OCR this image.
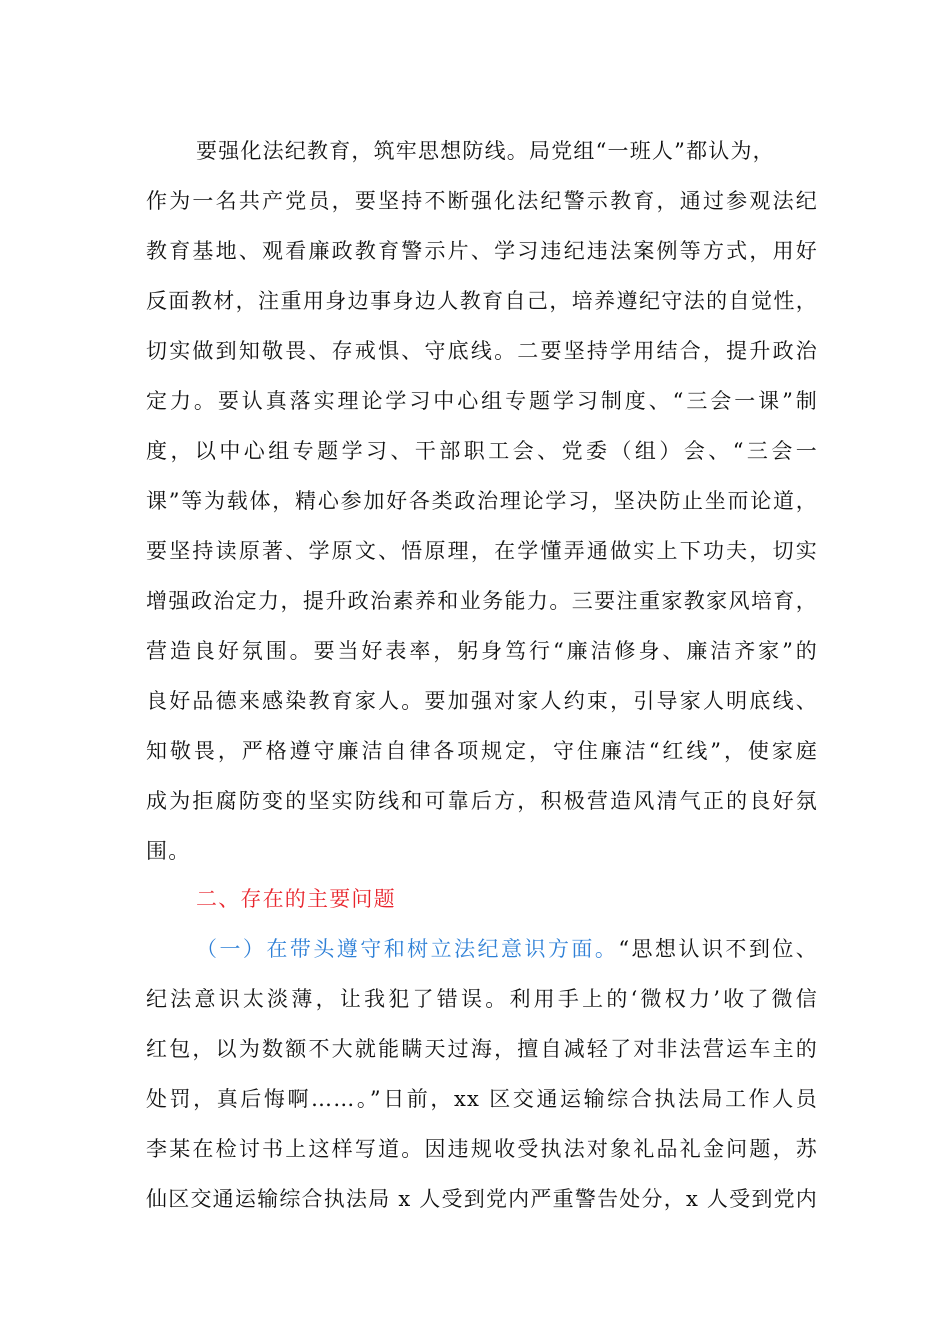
要强化法纪教育，筑牢思想防线。局党组“一班人”都认为，
作为一名共产党员，要坚持不断强化法纪警示教育，通过参观法纪
教育基地、观看廉政教育警示片、学习违纪违法案例等方式，用好
反面教材，注重用身边事身边人教育自己，培养遵纪守法的自觉性，
切实做到知敬畏、存戒惧、守底线。二要坚持学用结合，提升政治
定力。要认真落实理论学习中心组专题学习制度、“三会一课”制
度，以中心组专题学习、干部职工会、党委（组）会、“三会一
课”等为载体，精心参加好各类政治理论学习，坚决防止坐而论道，
要坚持读原著、学原文、悟原理，在学懂弄通做实上下功夫，切实
增强政治定力，提升政治素养和业务能力。三要注重家教家风培育，
营造良好氛围。要当好表率，躬身笃行“廉洁修身、廉洁齐家”的
良好品德来感染教育家人。要加强对家人约束，引导家人明底线、
知敬畏，严格遵守廉洁自律各项规定，守住廉洁“红线”，使家庭
成为拒腐防变的坚实防线和可靠后方，积极营造风清气正的良好氛
围。
二、存在的主要问题
（一）在带头遵守和树立法纪意识方面。“思想认识不到位、
纪法意识太淡薄，让我犯了错误。利用手上的‘微权力’收了微信
红包，以为数额不大就能瞒天过海，擅自减轻了对非法营运车主的
处罚，真后悔啊……。”日前，xx 区交通运输综合执法局工作人员
李某在检讨书上这样写道。因违规收受执法对象礼品礼金问题，苏
仙区交通运输综合执法局 x 人受到党内严重警告处分，x 人受到党内
